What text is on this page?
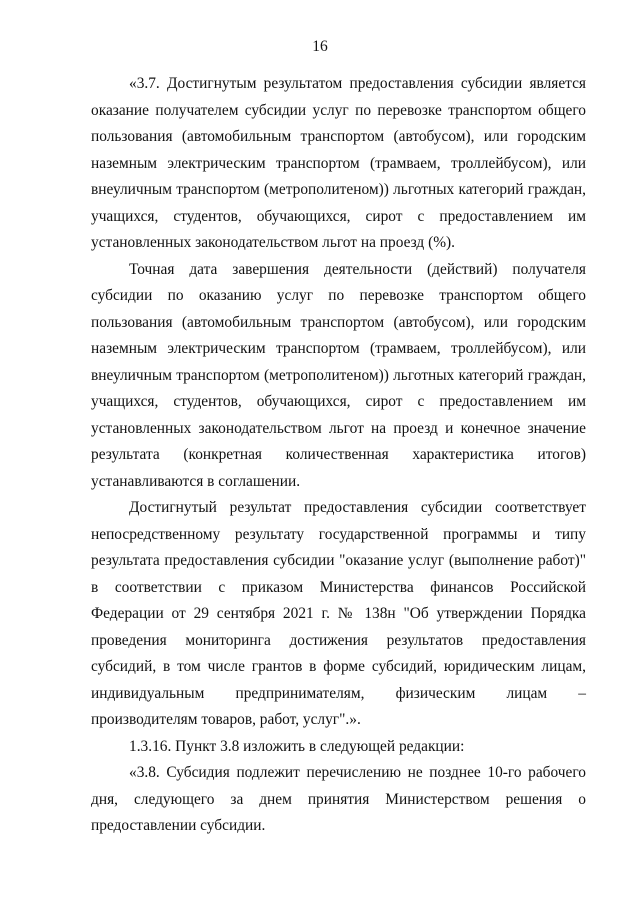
16

«3.7. Достигнутым результатом предоставления субсидии является оказание получателем субсидии услуг по перевозке транспортом общего пользования (автомобильным транспортом (автобусом), или городским наземным электрическим транспортом (трамваем, троллейбусом), или внеуличным транспортом (метрополитеном)) льготных категорий граждан, учащихся, студентов, обучающихся, сирот с предоставлением им установленных законодательством льгот на проезд (%).

Точная дата завершения деятельности (действий) получателя субсидии по оказанию услуг по перевозке транспортом общего пользования (автомобильным транспортом (автобусом), или городским наземным электрическим транспортом (трамваем, троллейбусом), или внеуличным транспортом (метрополитеном)) льготных категорий граждан, учащихся, студентов, обучающихся, сирот с предоставлением им установленных законодательством льгот на проезд и конечное значение результата (конкретная количественная характеристика итогов) устанавливаются в соглашении.

Достигнутый результат предоставления субсидии соответствует непосредственному результату государственной программы и типу результата предоставления субсидии "оказание услуг (выполнение работ)" в соответствии с приказом Министерства финансов Российской Федерации от 29 сентября 2021 г. № 138н "Об утверждении Порядка проведения мониторинга достижения результатов предоставления субсидий, в том числе грантов в форме субсидий, юридическим лицам, индивидуальным предпринимателям, физическим лицам – производителям товаров, работ, услуг".».

1.3.16. Пункт 3.8 изложить в следующей редакции:

«3.8. Субсидия подлежит перечислению не позднее 10-го рабочего дня, следующего за днем принятия Министерством решения о предоставлении субсидии.
